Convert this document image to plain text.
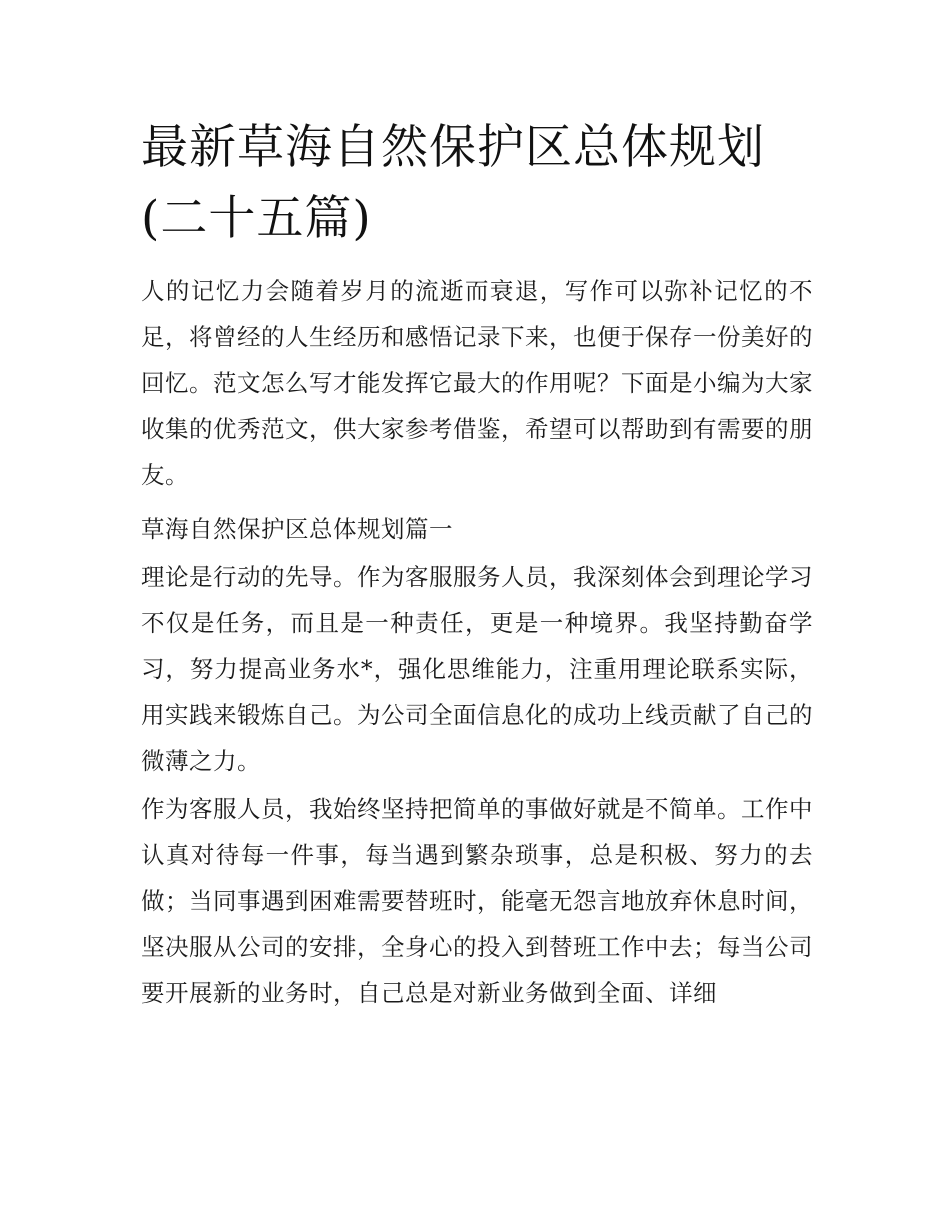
最新草海自然保护区总体规划
(二十五篇)

人的记忆力会随着岁月的流逝而衰退，写作可以弥补记忆的不足，将曾经的人生经历和感悟记录下来，也便于保存一份美好的回忆。范文怎么写才能发挥它最大的作用呢？下面是小编为大家收集的优秀范文，供大家参考借鉴，希望可以帮助到有需要的朋友。

草海自然保护区总体规划篇一

理论是行动的先导。作为客服服务人员，我深刻体会到理论学习不仅是任务，而且是一种责任，更是一种境界。我坚持勤奋学习，努力提高业务水*，强化思维能力，注重用理论联系实际，用实践来锻炼自己。为公司全面信息化的成功上线贡献了自己的微薄之力。

作为客服人员，我始终坚持把简单的事做好就是不简单。工作中认真对待每一件事，每当遇到繁杂琐事，总是积极、努力的去做；当同事遇到困难需要替班时，能毫无怨言地放弃休息时间，坚决服从公司的安排，全身心的投入到替班工作中去；每当公司要开展新的业务时，自己总是对新业务做到全面、详细
